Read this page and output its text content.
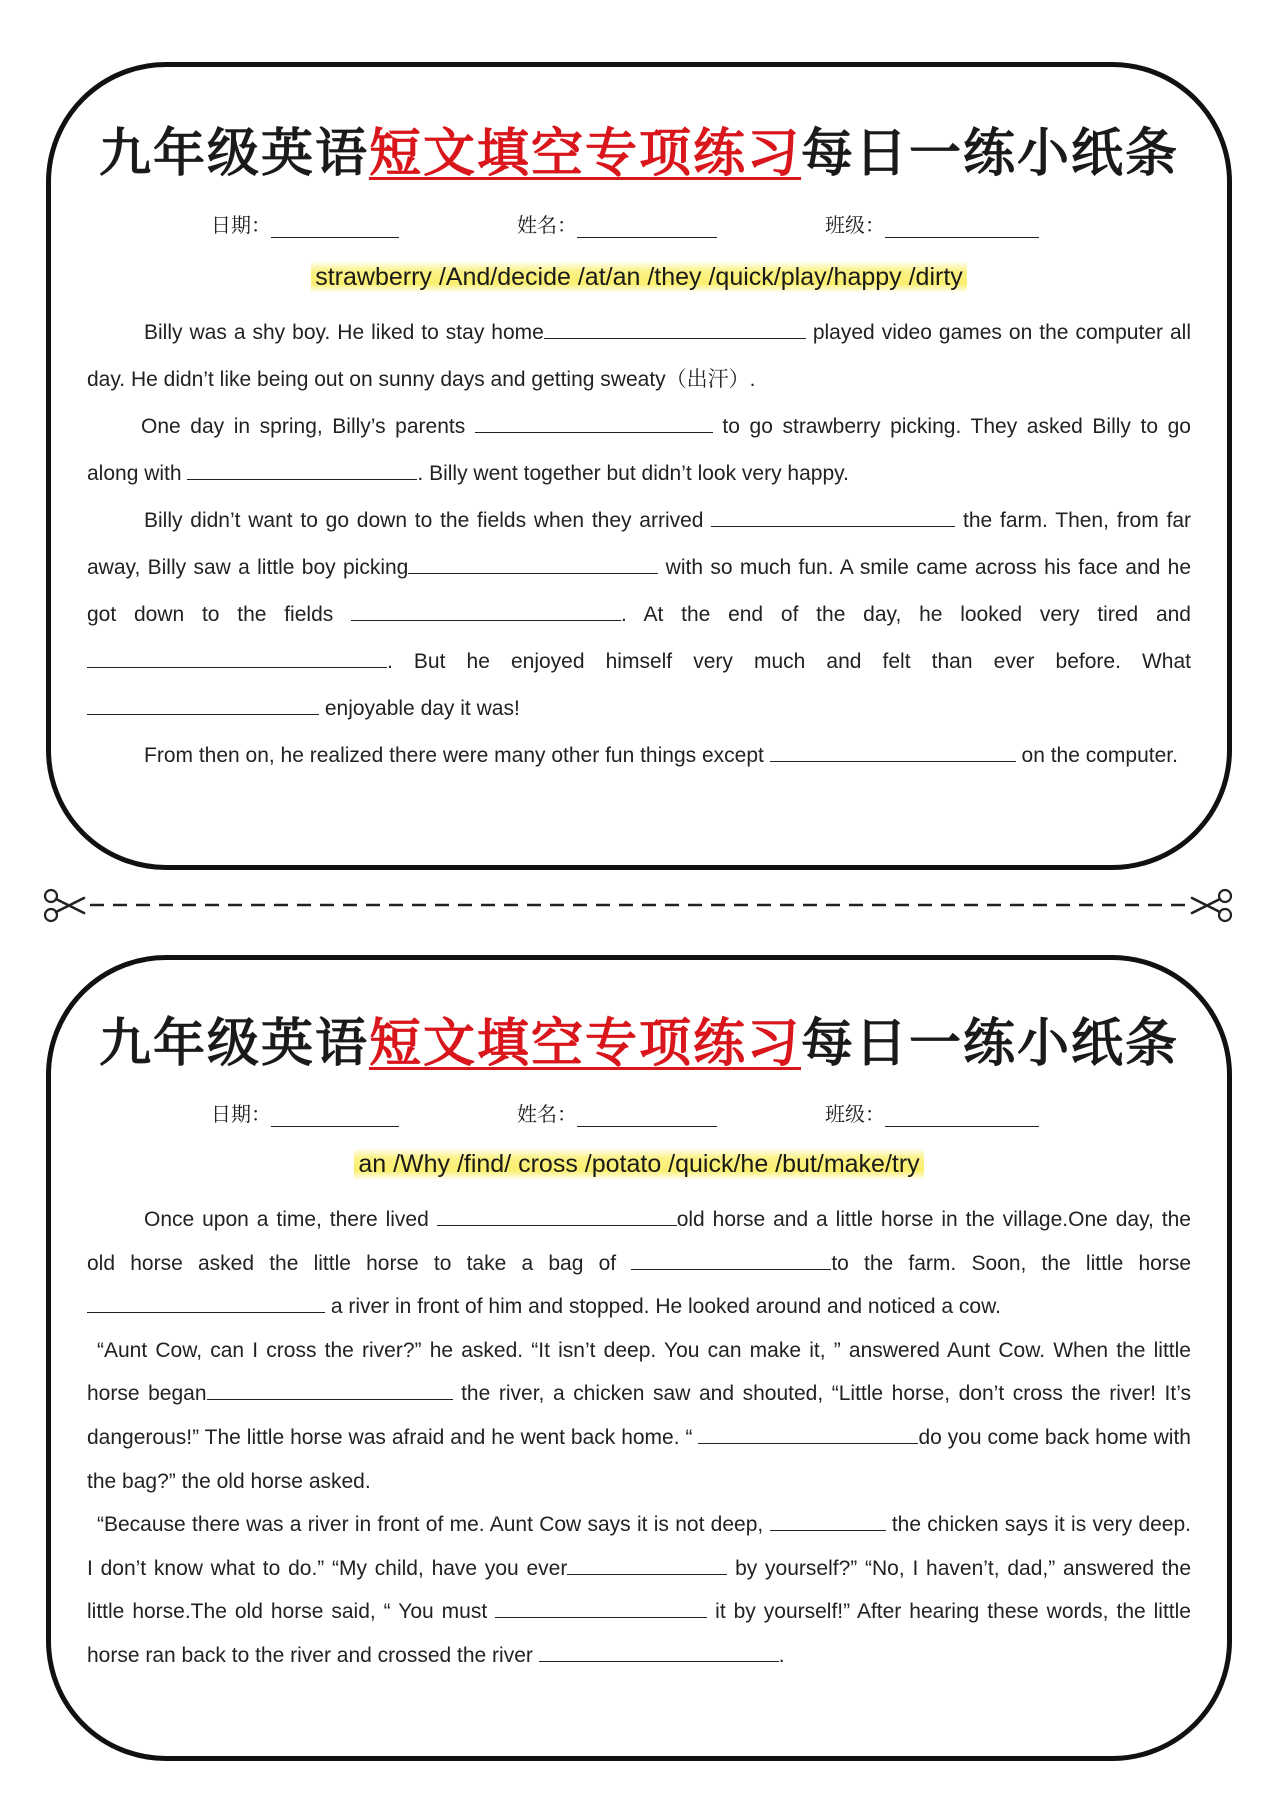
九年级英语短文填空专项练习每日一练小纸条
日期：	姓名：	班级：
strawberry /And/decide /at/an /they /quick/play/happy /dirty

Billy was a shy boy. He liked to stay home	played video games on the computer all day. He didn’t like being out on sunny days and getting sweaty（出汗）.

One day in spring, Billy’s parents	to go strawberry picking. They asked Billy to go along with	. Billy went together but didn’t look very happy.

Billy didn’t want to go down to the fields when they arrived	the farm. Then, from far away, Billy saw a little boy picking	with so much fun. A smile came across his face and he got down to the fields	. At the end of the day, he looked very tired and. But he enjoyed himself very much and felt than ever before. What  enjoyable day it was!

From then on, he realized there were many other fun things except	on the computer.

九年级英语短文填空专项练习每日一练小纸条
日期：	姓名：	班级：
an /Why /find/ cross /potato /quick/he /but/make/try

Once upon a time, there lived	old horse and a little horse in the village.One day, the old horse asked the little horse to take a bag of	to the farm. Soon, the little horse a river in front of him and stopped. He looked around and noticed a cow.

“Aunt Cow, can I cross the river?” he asked. “It isn’t deep. You can make it, ” answered Aunt Cow. When the little horse began	the river, a chicken saw and shouted, “Little horse, don’t cross the river! It’s dangerous!” The little horse was afraid and he went back home. “	do you come back home with the bag?” the old horse asked.

“Because there was a river in front of me. Aunt Cow says it is not deep,	the chicken says it is very deep. I don’t know what to do.” “My child, have you ever	by yourself?” “No, I haven’t, dad,” answered the little horse.The old horse said, “ You must	it by yourself!” After hearing these words, the little horse ran back to the river and crossed the river	.
